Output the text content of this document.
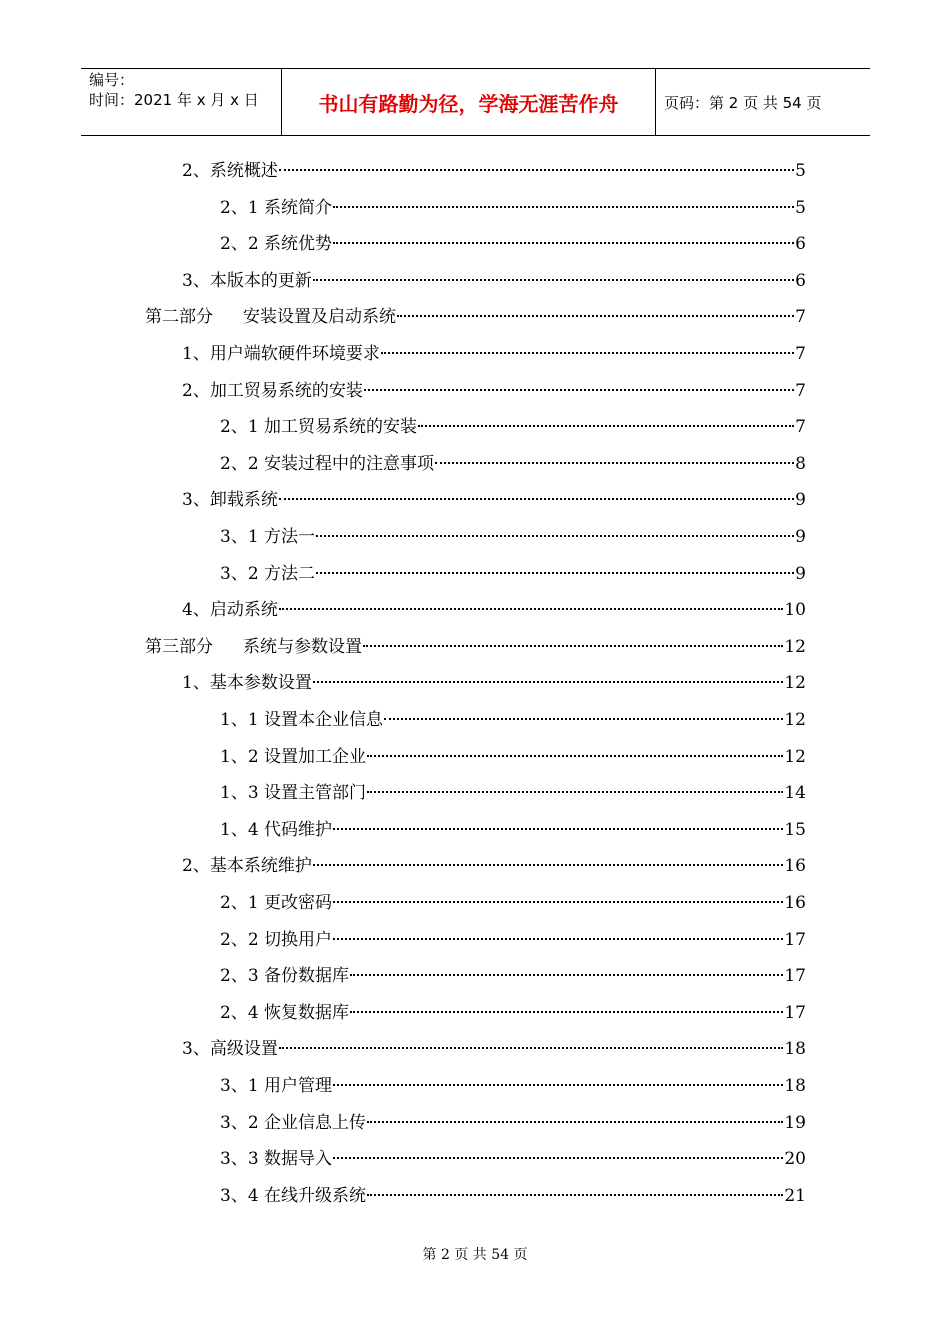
编号：
时间：2021 年 x 月 x 日	书山有路勤为径，学海无涯苦作舟	页码：第 2 页 共 54 页
2、系统概述	5
2、1 系统简介	5
2、2 系统优势	6
3、本版本的更新	6
第二部分 安装设置及启动系统	7
1、用户端软硬件环境要求	7
2、加工贸易系统的安装	7
2、1 加工贸易系统的安装	7
2、2 安装过程中的注意事项	8
3、卸载系统	9
3、1 方法一	9
3、2 方法二	9
4、启动系统	10
第三部分 系统与参数设置	12
1、基本参数设置	12
1、1 设置本企业信息	12
1、2 设置加工企业	12
1、3 设置主管部门	14
1、4 代码维护	15
2、基本系统维护	16
2、1 更改密码	16
2、2 切换用户	17
2、3 备份数据库	17
2、4 恢复数据库	17
3、高级设置	18
3、1 用户管理	18
3、2 企业信息上传	19
3、3 数据导入	20
3、4 在线升级系统	21
第 2 页 共 54 页
